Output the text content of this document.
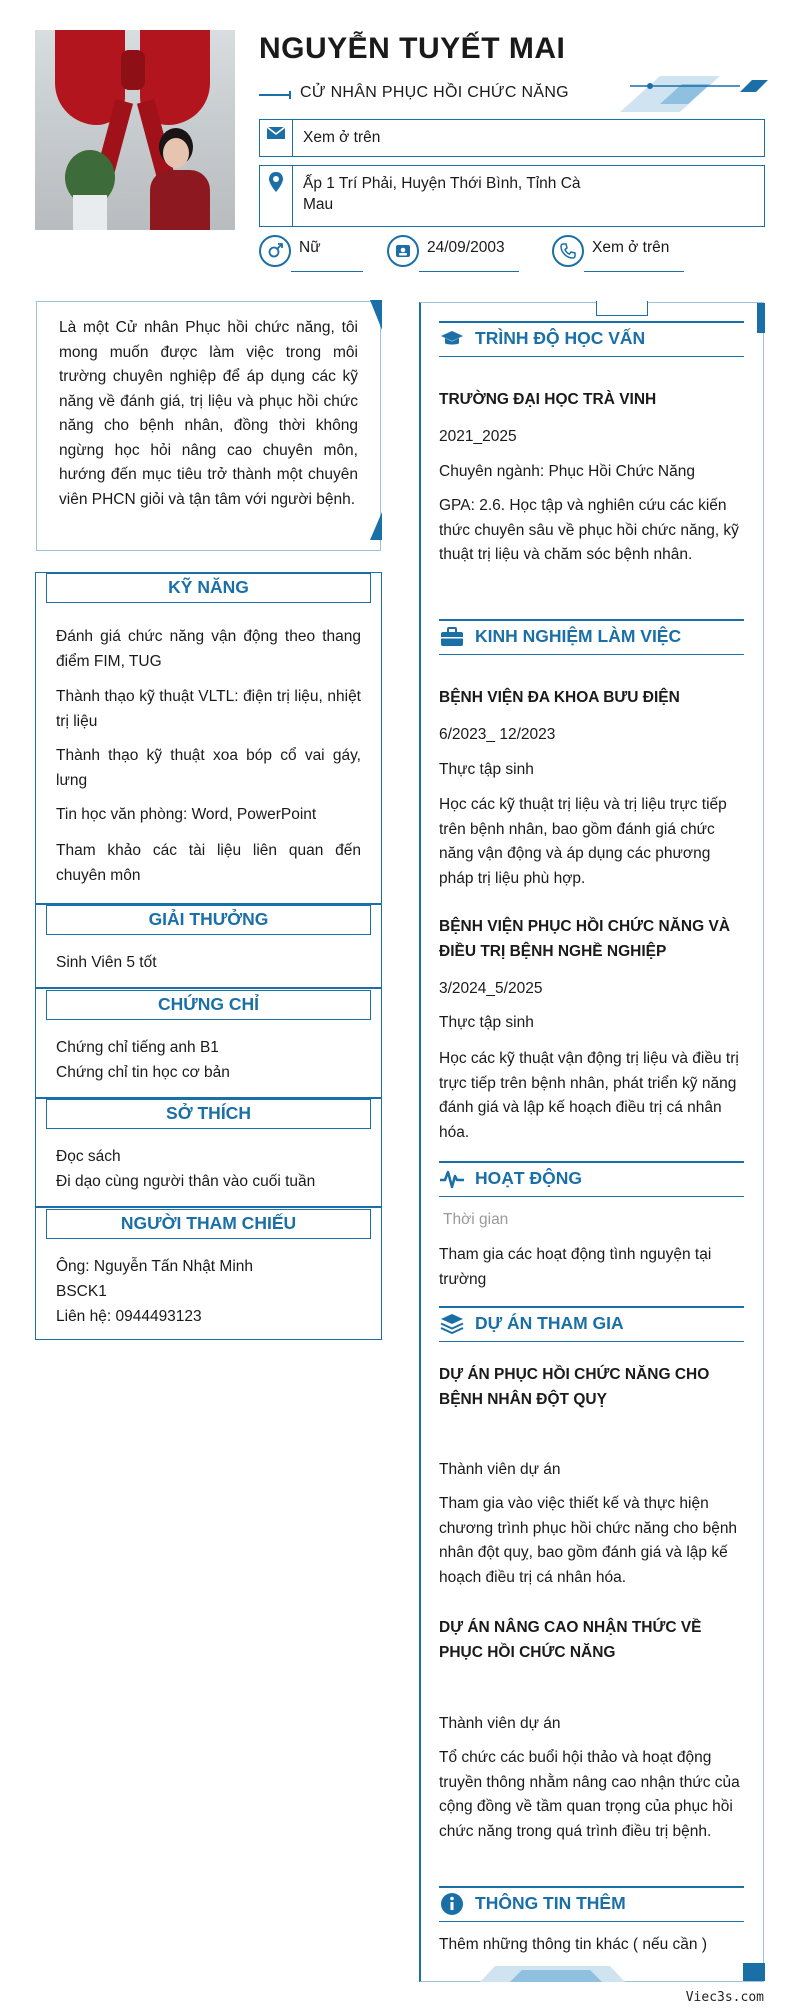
NGUYỄN TUYẾT MAI
CỬ NHÂN PHỤC HỒI CHỨC NĂNG
Xem ở trên
Ấp 1 Trí Phải, Huyện Thới Bình, Tỉnh Cà Mau
Nữ	24/09/2003	Xem ở trên

Là một Cử nhân Phục hồi chức năng, tôi mong muốn được làm việc trong môi trường chuyên nghiệp để áp dụng các kỹ năng về đánh giá, trị liệu và phục hồi chức năng cho bệnh nhân, đồng thời không ngừng học hỏi nâng cao chuyên môn, hướng đến mục tiêu trở thành một chuyên viên PHCN giỏi và tận tâm với người bệnh.

KỸ NĂNG
Đánh giá chức năng vận động theo thang điểm FIM, TUG
Thành thạo kỹ thuật VLTL: điện trị liệu, nhiệt trị liệu
Thành thạo kỹ thuật xoa bóp cổ vai gáy, lưng
Tin học văn phòng: Word, PowerPoint
Tham khảo các tài liệu liên quan đến chuyên môn
GIẢI THƯỞNG
Sinh Viên 5 tốt
CHỨNG CHỈ
Chứng chỉ tiếng anh B1
Chứng chỉ tin học cơ bản
SỞ THÍCH
Đọc sách
Đi dạo cùng người thân vào cuối tuần
NGƯỜI THAM CHIẾU
Ông: Nguyễn Tấn Nhật Minh
BSCK1
Liên hệ: 0944493123
TRÌNH ĐỘ HỌC VẤN
TRƯỜNG ĐẠI HỌC TRÀ VINH
2021_2025
Chuyên ngành: Phục Hồi Chức Năng
GPA: 2.6. Học tập và nghiên cứu các kiến thức chuyên sâu về phục hồi chức năng, kỹ thuật trị liệu và chăm sóc bệnh nhân.
KINH NGHIỆM LÀM VIỆC
BỆNH VIỆN ĐA KHOA BƯU ĐIỆN
6/2023_ 12/2023
Thực tập sinh
Học các kỹ thuật trị liệu và trị liệu trực tiếp trên bệnh nhân, bao gồm đánh giá chức năng vận động và áp dụng các phương pháp trị liệu phù hợp.
BỆNH VIỆN PHỤC HỒI CHỨC NĂNG VÀ ĐIỀU TRỊ BỆNH NGHỀ NGHIỆP
3/2024_5/2025
Thực tập sinh
Học các kỹ thuật vận động trị liệu và điều trị trực tiếp trên bệnh nhân, phát triển kỹ năng đánh giá và lập kế hoạch điều trị cá nhân hóa.
HOẠT ĐỘNG
Thời gian
Tham gia các hoạt động tình nguyện tại trường
DỰ ÁN THAM GIA
DỰ ÁN PHỤC HỒI CHỨC NĂNG CHO BỆNH NHÂN ĐỘT QUỴ
Thành viên dự án
Tham gia vào việc thiết kế và thực hiện chương trình phục hồi chức năng cho bệnh nhân đột quỵ, bao gồm đánh giá và lập kế hoạch điều trị cá nhân hóa.
DỰ ÁN NÂNG CAO NHẬN THỨC VỀ PHỤC HỒI CHỨC NĂNG
Thành viên dự án
Tổ chức các buổi hội thảo và hoạt động truyền thông nhằm nâng cao nhận thức của cộng đồng về tầm quan trọng của phục hồi chức năng trong quá trình điều trị bệnh.
THÔNG TIN THÊM
Thêm những thông tin khác ( nếu cần )
Viec3s.com
